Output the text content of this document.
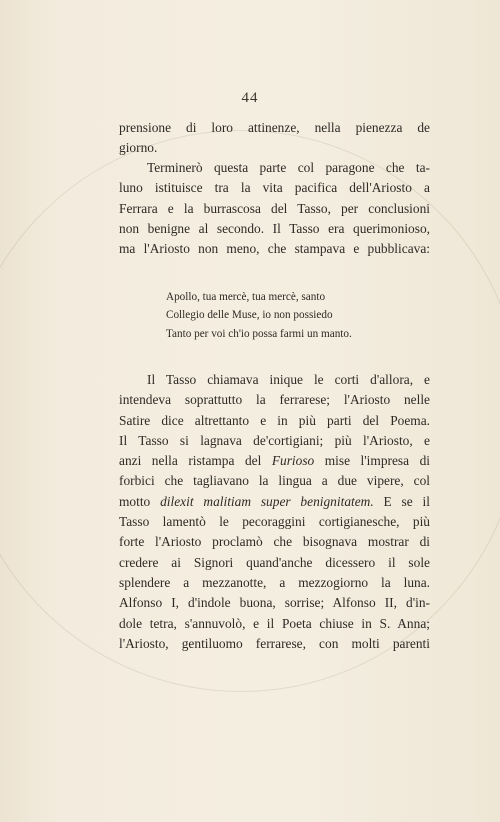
44
prensione di loro attinenze, nella pienezza de
giorno.
Terminerò questa parte col paragone che ta-
luno istituisce tra la vita pacifica dell'Ariosto a
Ferrara e la burrascosa del Tasso, per conclusioni
non benigne al secondo. Il Tasso era querimonioso,
ma l'Ariosto non meno, che stampava e pubblicava:
Apollo, tua mercè, tua mercè, santo
Collegio delle Muse, io non possiedo
Tanto per voi ch'io possa farmi un manto.
Il Tasso chiamava inique le corti d'allora, e
intendeva soprattutto la ferrarese; l'Ariosto nelle
Satire dice altrettanto e in più parti del Poema.
Il Tasso si lagnava de'cortigiani; più l'Ariosto, e
anzi nella ristampa del Furioso mise l'impresa di
forbici che tagliavano la lingua a due vipere, col
motto dilexit malitiam super benignitatem. E se il
Tasso lamentò le pecoraggini cortigianesche, più
forte l'Ariosto proclamò che bisognava mostrar di
credere ai Signori quand'anche dicessero il sole
splendere a mezzanotte, a mezzogiorno la luna.
Alfonso I, d'indole buona, sorrise; Alfonso II, d'in-
dole tetra, s'annuvolò, e il Poeta chiuse in S. Anna;
l'Ariosto, gentiluomo ferrarese, con molti parenti
